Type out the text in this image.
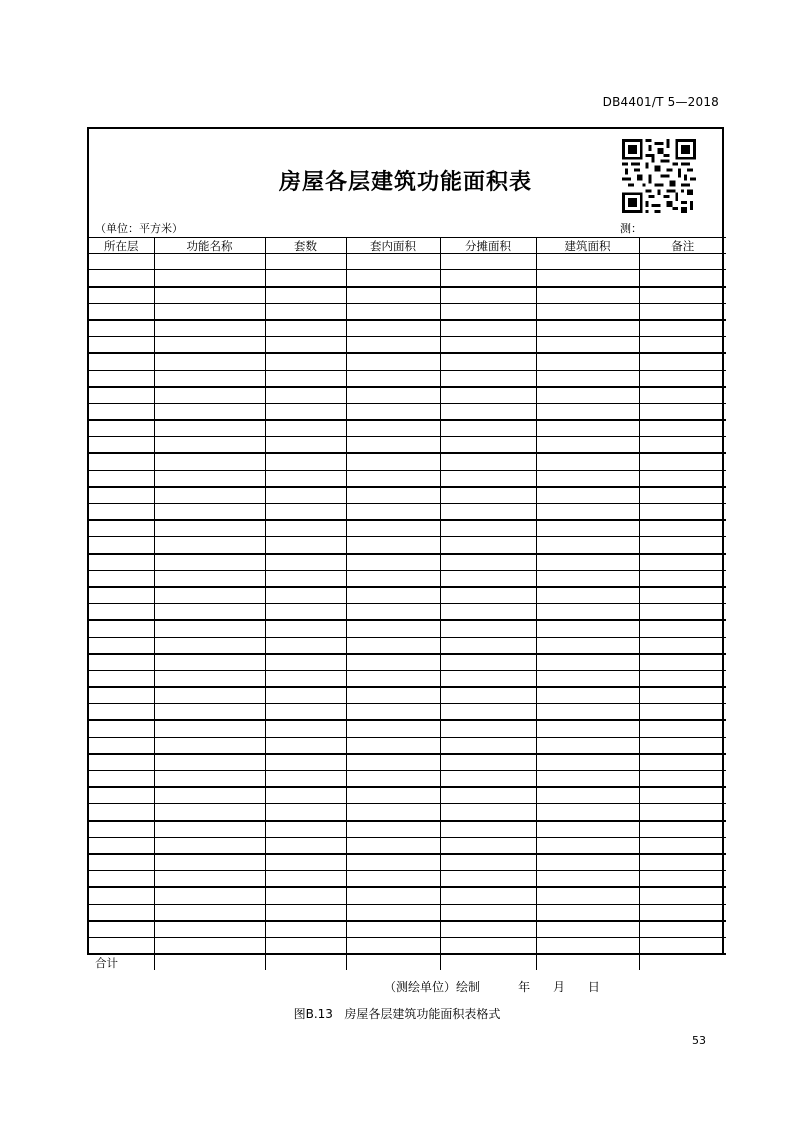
DB4401/T 5—2018
房屋各层建筑功能面积表
（单位：平方米）	测：
所在层	功能名称	套数	套内面积	分摊面积	建筑面积	备注

合计						
（测绘单位）绘制          年      月      日
图B.13   房屋各层建筑功能面积表格式
53
